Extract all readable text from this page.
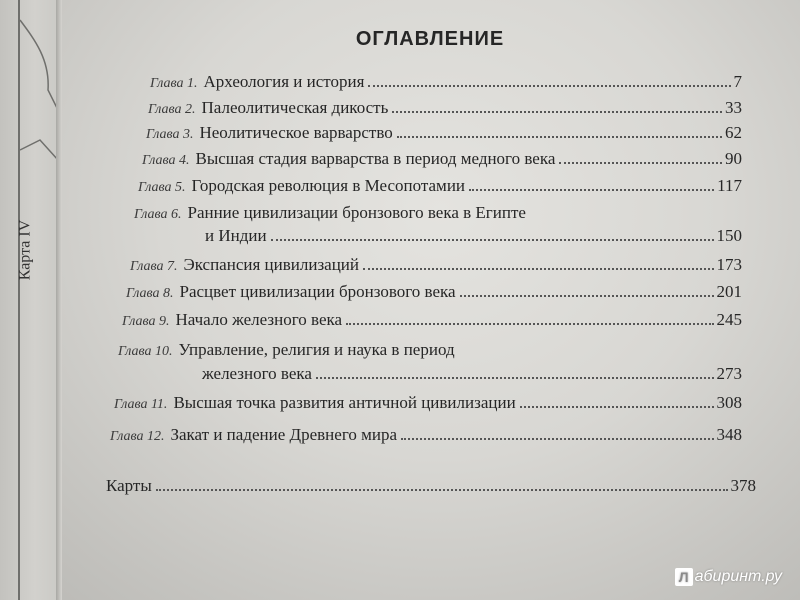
Карта IV
ОГЛАВЛЕНИЕ
Глава 1. Археология и история	7
Глава 2. Палеолитическая дикость	33
Глава 3. Неолитическое варварство	62
Глава 4. Высшая стадия варварства в период медного века	90
Глава 5. Городская революция в Месопотамии	117
Глава 6. Ранние цивилизации бронзового века в Египте
и Индии	150
Глава 7. Экспансия цивилизаций	173
Глава 8. Расцвет цивилизации бронзового века	201
Глава 9. Начало железного века	245
Глава 10. Управление, религия и наука в период
железного века	273
Глава 11. Высшая точка развития античной цивилизации	308
Глава 12. Закат и падение Древнего мира	348
Карты	378
Л абиринт.ру
